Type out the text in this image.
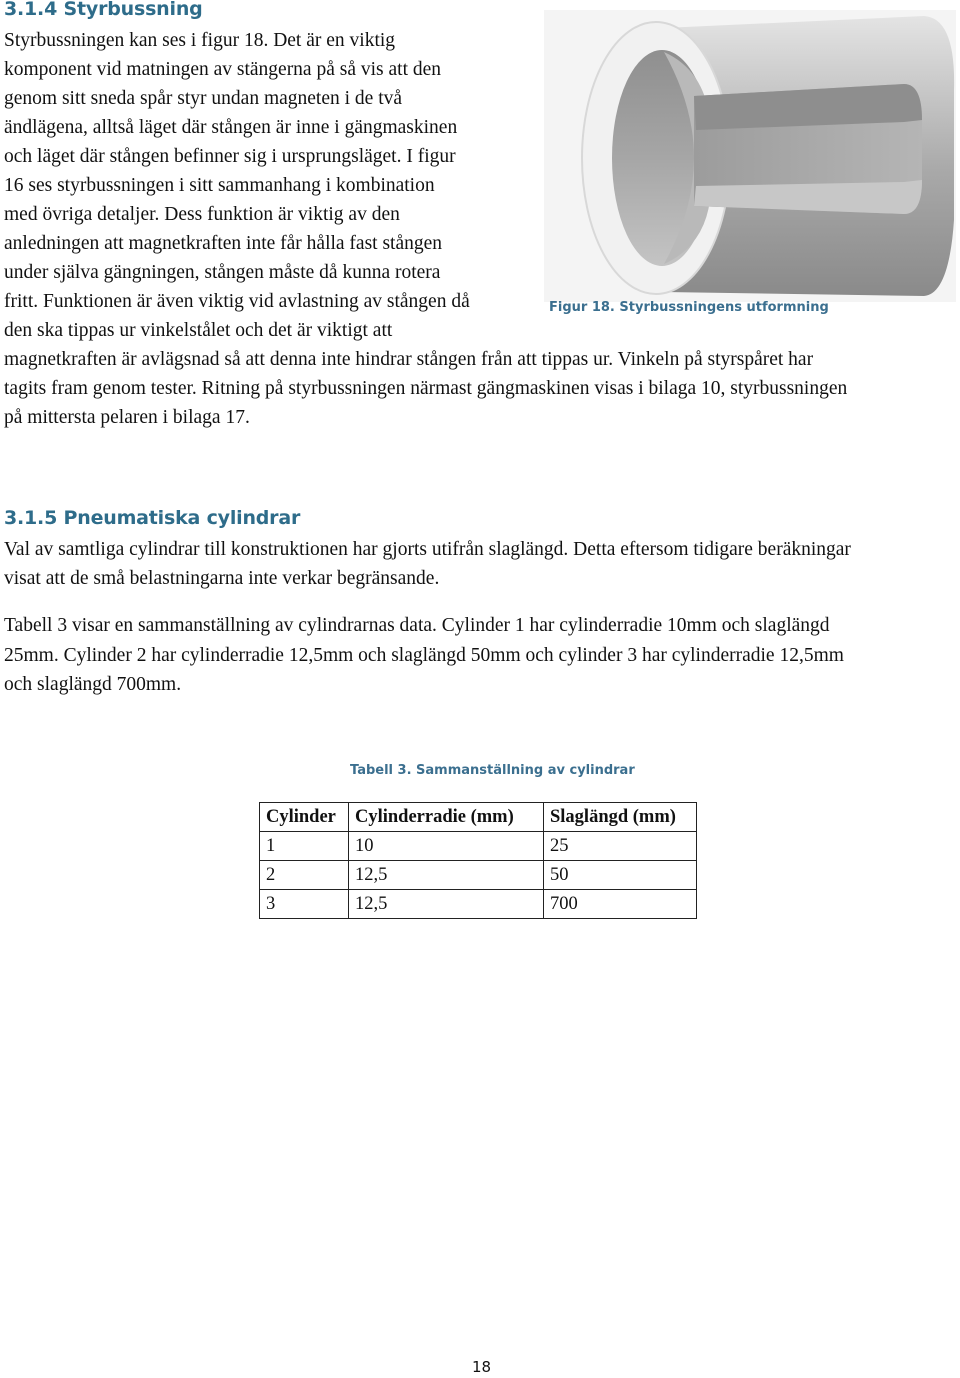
3.1.4 Styrbussning
Styrbussningen kan ses i figur 18. Det är en viktig
komponent vid matningen av stängerna på så vis att den
genom sitt sneda spår styr undan magneten i de två
ändlägena, alltså läget där stången är inne i gängmaskinen
och läget där stången befinner sig i ursprungsläget. I figur
16 ses styrbussningen i sitt sammanhang i kombination
med övriga detaljer. Dess funktion är viktig av den
anledningen att magnetkraften inte får hålla fast stången
under själva gängningen, stången måste då kunna rotera
fritt. Funktionen är även viktig vid avlastning av stången då
den ska tippas ur vinkelstålet och det är viktigt att
magnetkraften är avlägsnad så att denna inte hindrar stången från att tippas ur. Vinkeln på styrspåret har
tagits fram genom tester. Ritning på styrbussningen närmast gängmaskinen visas i bilaga 10, styrbussningen
på mittersta pelaren i bilaga 17.
Figur 18. Styrbussningens utformning
3.1.5 Pneumatiska cylindrar
Val av samtliga cylindrar till konstruktionen har gjorts utifrån slaglängd. Detta eftersom tidigare beräkningar
visat att de små belastningarna inte verkar begränsande.
Tabell 3 visar en sammanställning av cylindrarnas data. Cylinder 1 har cylinderradie 10mm och slaglängd
25mm. Cylinder 2 har cylinderradie 12,5mm och slaglängd 50mm och cylinder 3 har cylinderradie 12,5mm
och slaglängd 700mm.
Tabell 3. Sammanställning av cylindrar
Cylinder	Cylinderradie (mm)	Slaglängd (mm)
1	10	25
2	12,5	50
3	12,5	700
18
